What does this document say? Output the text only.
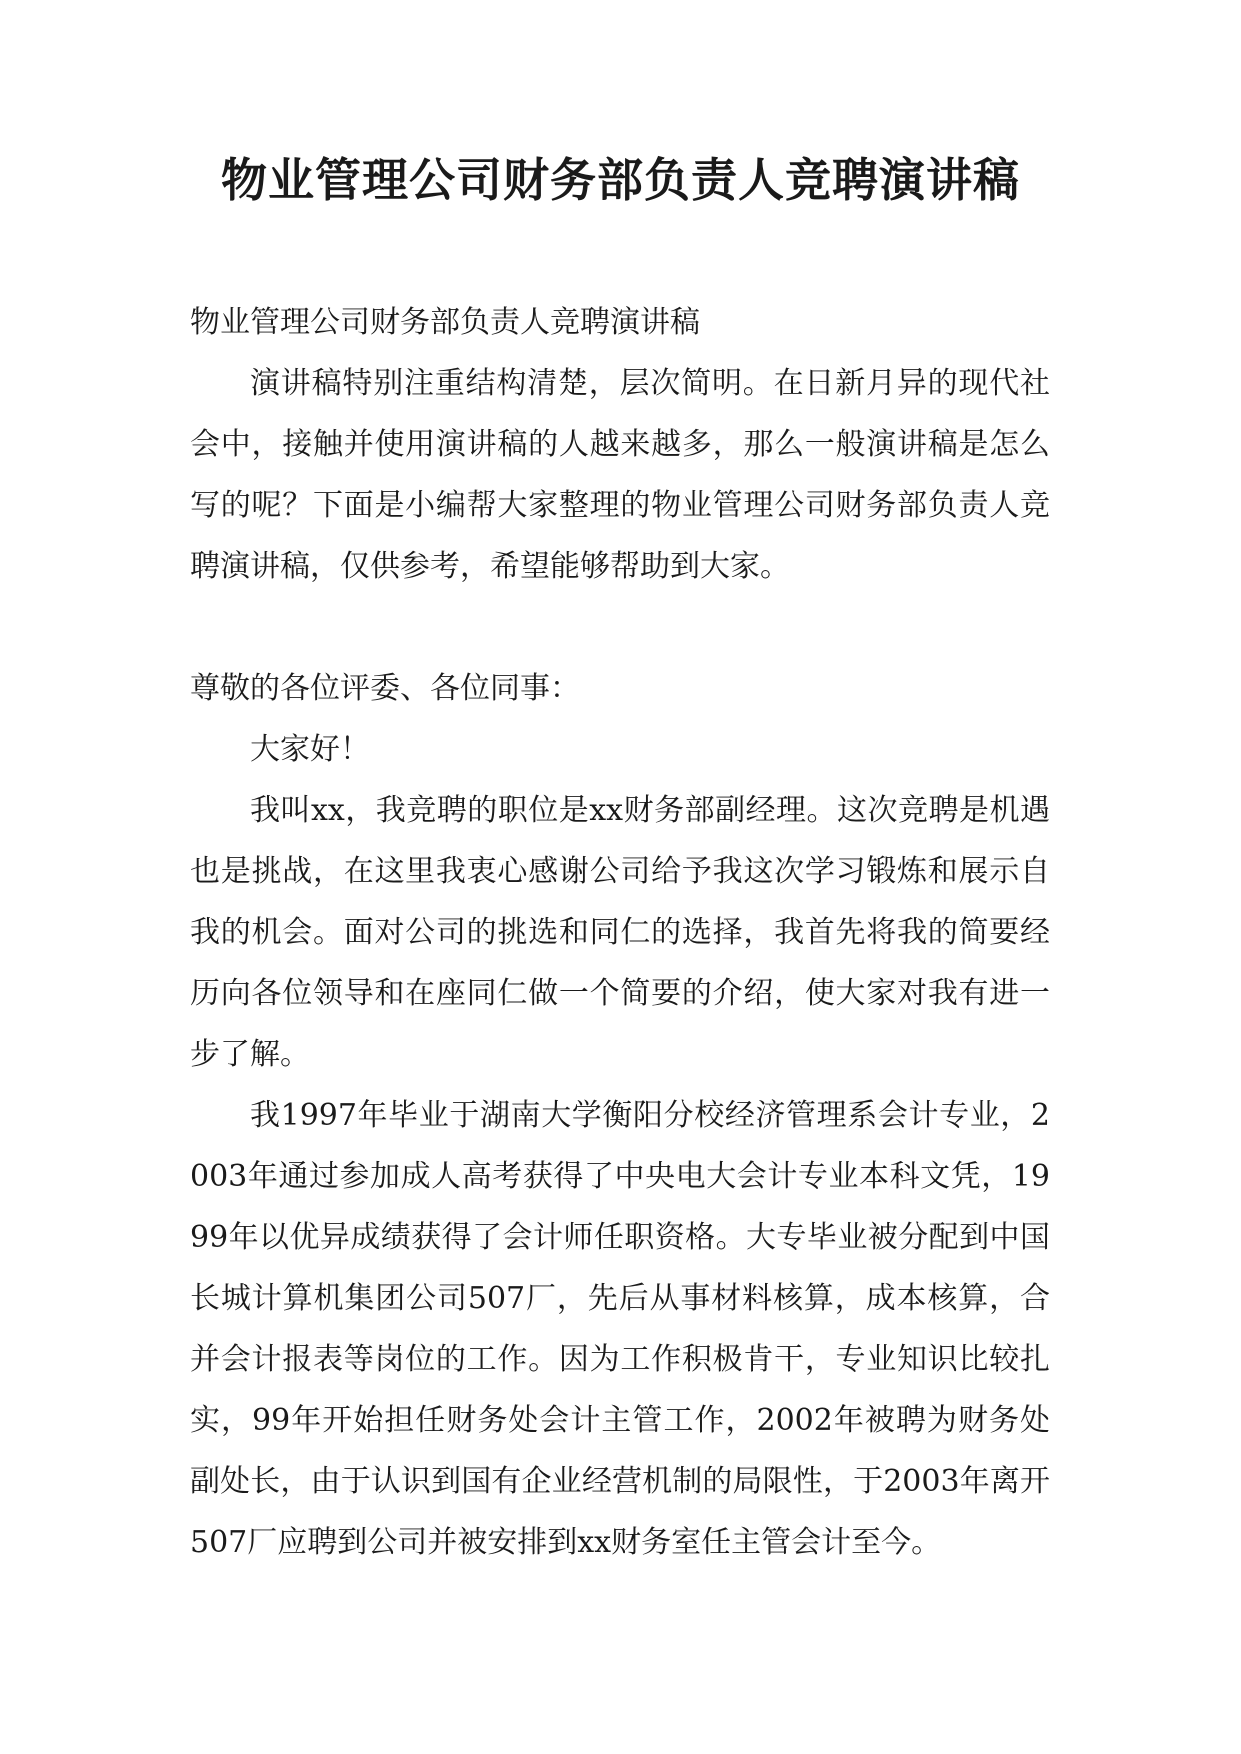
物业管理公司财务部负责人竞聘演讲稿

物业管理公司财务部负责人竞聘演讲稿

演讲稿特别注重结构清楚，层次简明。在日新月异的现代社会中，接触并使用演讲稿的人越来越多，那么一般演讲稿是怎么写的呢？下面是小编帮大家整理的物业管理公司财务部负责人竞聘演讲稿，仅供参考，希望能够帮助到大家。

尊敬的各位评委、各位同事：

大家好！

我叫xx，我竞聘的职位是xx财务部副经理。这次竞聘是机遇也是挑战，在这里我衷心感谢公司给予我这次学习锻炼和展示自我的机会。面对公司的挑选和同仁的选择，我首先将我的简要经历向各位领导和在座同仁做一个简要的介绍，使大家对我有进一步了解。

我1997年毕业于湖南大学衡阳分校经济管理系会计专业，2003年通过参加成人高考获得了中央电大会计专业本科文凭，1999年以优异成绩获得了会计师任职资格。大专毕业被分配到中国长城计算机集团公司507厂，先后从事材料核算，成本核算，合并会计报表等岗位的工作。因为工作积极肯干，专业知识比较扎实，99年开始担任财务处会计主管工作，2002年被聘为财务处副处长，由于认识到国有企业经营机制的局限性，于2003年离开507厂应聘到公司并被安排到xx财务室任主管会计至今。
